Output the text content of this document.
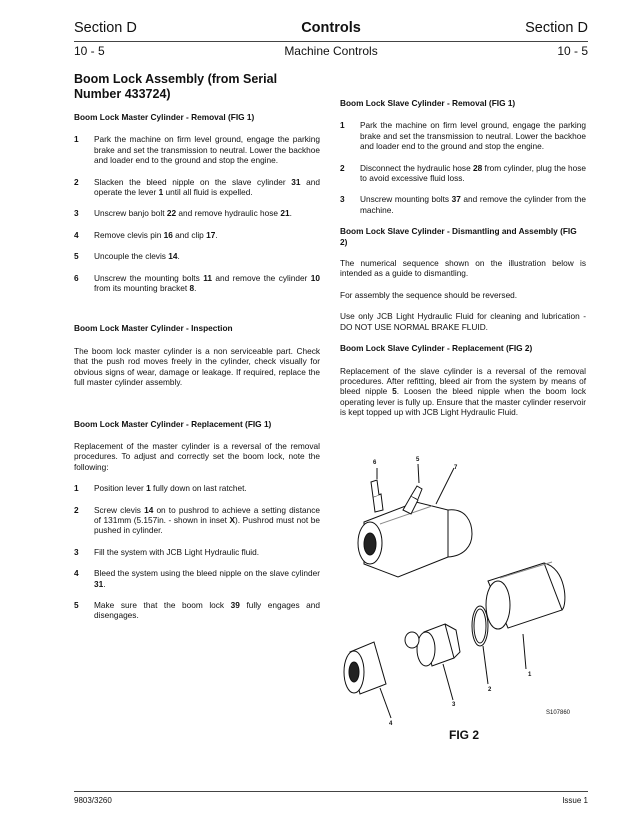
Section D	Controls	Section D
10 - 5	Machine Controls	10 - 5
Boom Lock Assembly (from Serial Number 433724)
Boom Lock Master Cylinder - Removal (FIG 1)
1	Park the machine on firm level ground, engage the parking brake and set the transmission to neutral. Lower the backhoe and loader end to the ground and stop the engine.
2	Slacken the bleed nipple on the slave cylinder 31 and operate the lever 1 until all fluid is expelled.
3	Unscrew banjo bolt 22 and remove hydraulic hose 21.
4	Remove clevis pin 16 and clip 17.
5	Uncouple the clevis 14.
6	Unscrew the mounting bolts 11 and remove the cylinder 10 from its mounting bracket 8.
Boom Lock Master Cylinder - Inspection

The boom lock master cylinder is a non serviceable part. Check that the push rod moves freely in the cylinder, check visually for obvious signs of wear, damage or leakage. If required, replace the full master cylinder assembly.

Boom Lock Master Cylinder - Replacement (FIG 1)

Replacement of the master cylinder is a reversal of the removal procedures. To adjust and correctly set the boom lock, note the following:

1	Position lever 1 fully down on last ratchet.
2	Screw clevis 14 on to pushrod to achieve a setting distance of 131mm (5.157in. - shown in inset X). Pushrod must not be pushed in cylinder.
3	Fill the system with JCB Light Hydraulic fluid.
4	Bleed the system using the bleed nipple on the slave cylinder 31.
5	Make sure that the boom lock 39 fully engages and disengages.
Boom Lock Slave Cylinder - Removal (FIG 1)
1	Park the machine on firm level ground, engage the parking brake and set the transmission to neutral. Lower the backhoe and loader end to the ground and stop the engine.
2	Disconnect the hydraulic hose 28 from cylinder, plug the hose to avoid excessive fluid loss.
3	Unscrew mounting bolts 37 and remove the cylinder from the machine.
Boom Lock Slave Cylinder - Dismantling and Assembly (FIG 2)

The numerical sequence shown on the illustration below is intended as a guide to dismantling.

For assembly the sequence should be reversed.

Use only JCB Light Hydraulic Fluid for cleaning and lubrication - DO NOT USE NORMAL BRAKE FLUID.

Boom Lock Slave Cylinder - Replacement (FIG 2)

Replacement of the slave cylinder is a reversal of the removal procedures. After refitting, bleed air from the system by means of bleed nipple 5. Loosen the bleed nipple when the boom lock operating lever is fully up. Ensure that the master cylinder reservoir is kept topped up with JCB Light Hydraulic Fluid.

6	571 2 3 4
S107860
FIG 2
9803/3260	Issue 1
